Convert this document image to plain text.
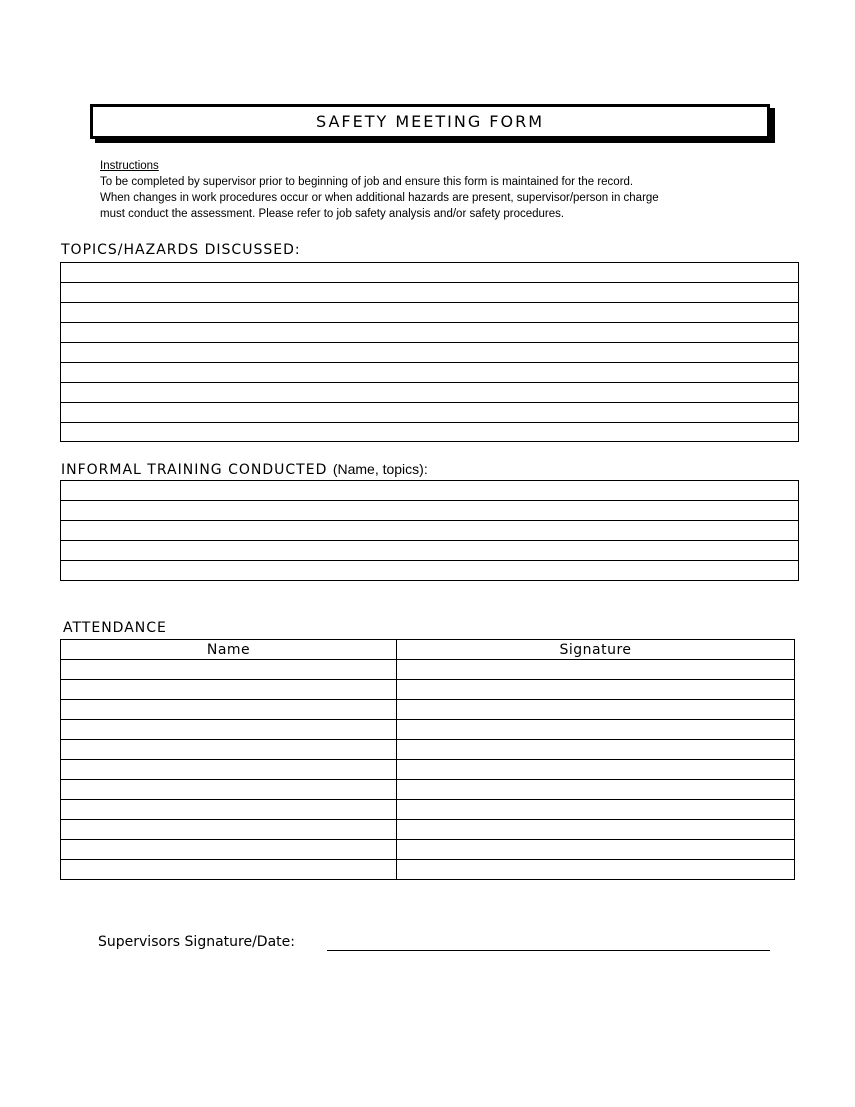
SAFETY MEETING FORM
Instructions
To be completed by supervisor prior to beginning of job and ensure this form is maintained for the record.
When changes in work procedures occur or when additional hazards are present, supervisor/person in charge
must conduct the assessment. Please refer to job safety analysis and/or safety procedures.
TOPICS/HAZARDS DISCUSSED:
INFORMAL TRAINING CONDUCTED (Name, topics):
ATTENDANCE
Name	Signature
Supervisors Signature/Date:
